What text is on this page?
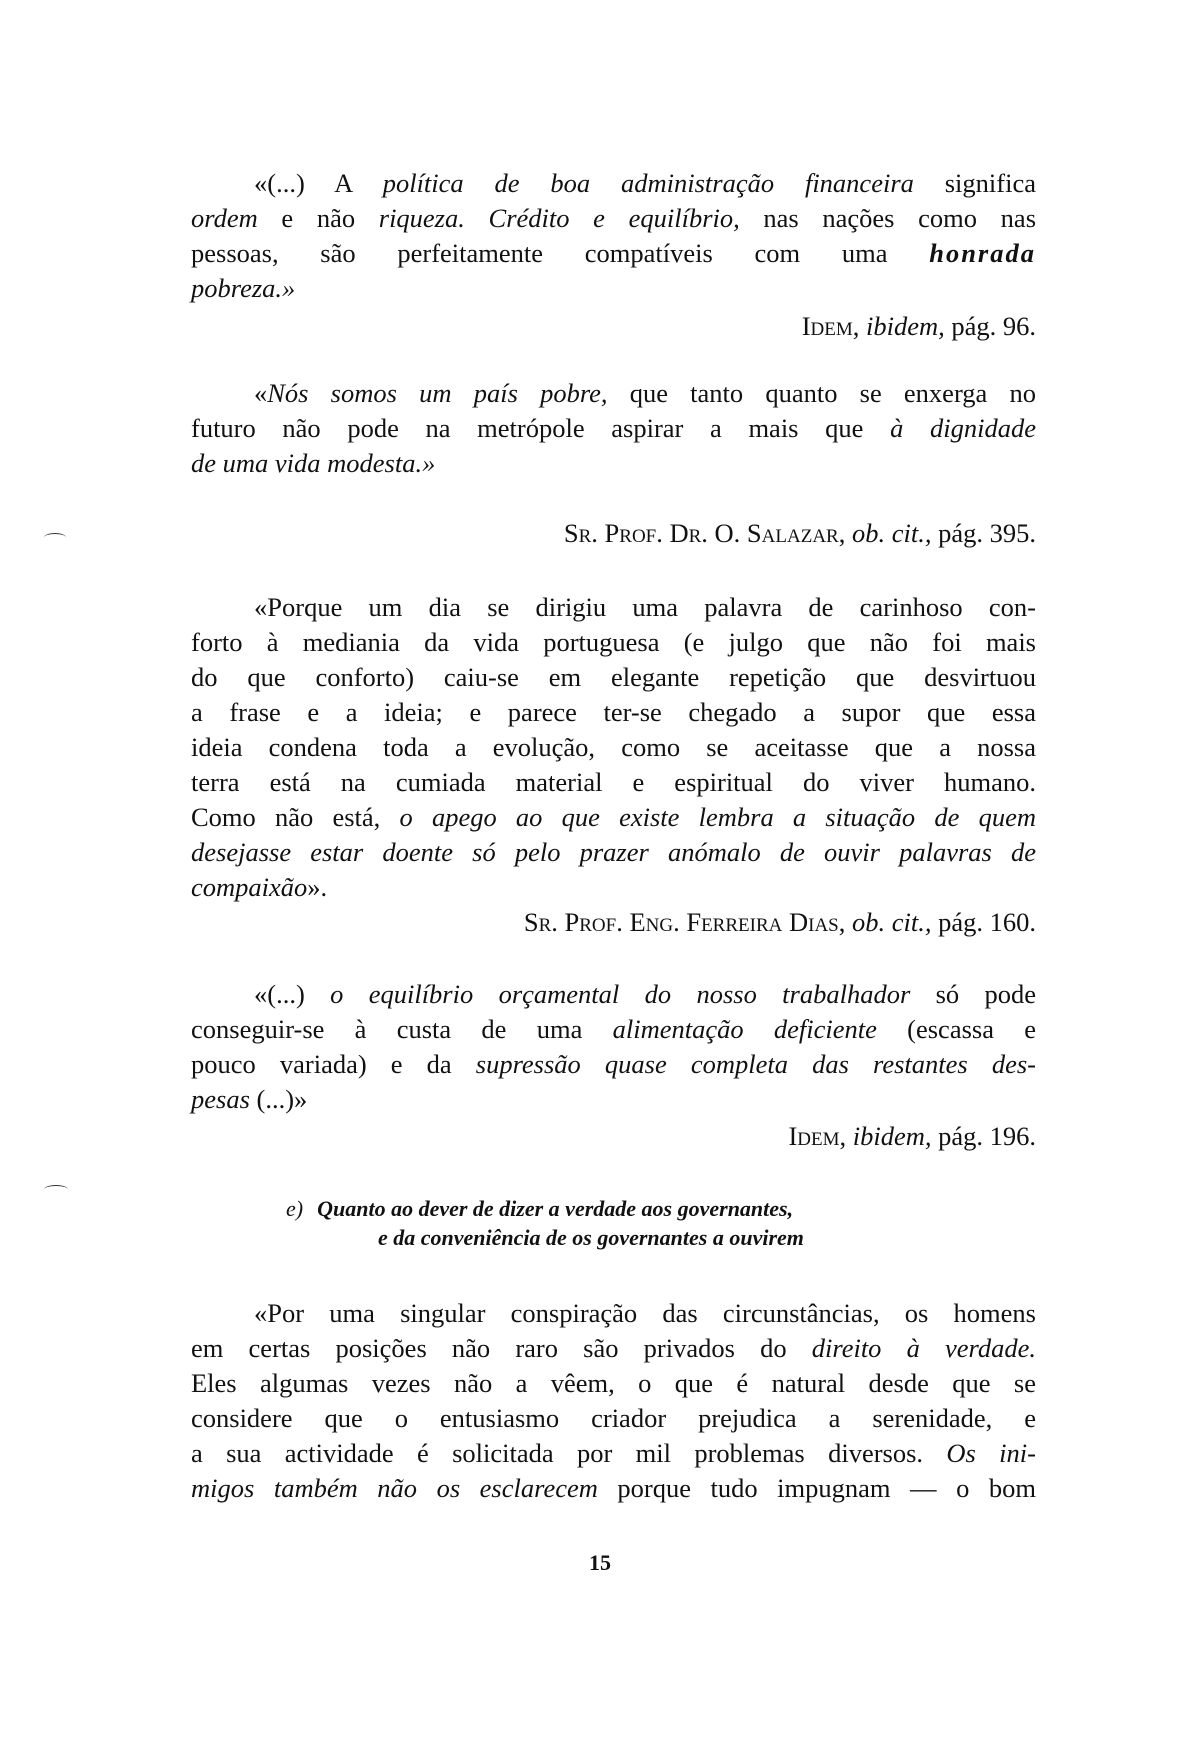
«(...) A política de boa administração financeira significa
ordem e não riqueza. Crédito e equilíbrio, nas nações como nas
pessoas, são perfeitamente compatíveis com uma honrada
pobreza.»
Idem, ibidem, pág. 96.
«Nós somos um país pobre, que tanto quanto se enxerga no
futuro não pode na metrópole aspirar a mais que à dignidade
de uma vida modesta.»
Sr. Prof. Dr. O. Salazar, ob. cit., pág. 395.
«Porque um dia se dirigiu uma palavra de carinhoso con-
forto à mediania da vida portuguesa (e julgo que não foi mais
do que conforto) caiu-se em elegante repetição que desvirtuou
a frase e a ideia; e parece ter-se chegado a supor que essa
ideia condena toda a evolução, como se aceitasse que a nossa
terra está na cumiada material e espiritual do viver humano.
Como não está, o apego ao que existe lembra a situação de quem
desejasse estar doente só pelo prazer anómalo de ouvir palavras de
compaixão».
Sr. Prof. Eng. Ferreira Dias, ob. cit., pág. 160.
«(...) o equilíbrio orçamental do nosso trabalhador só pode
conseguir-se à custa de uma alimentação deficiente (escassa e
pouco variada) e da supressão quase completa das restantes des-
pesas (...)»
Idem, ibidem, pág. 196.
e) Quanto ao dever de dizer a verdade aos governantes,
e da conveniência de os governantes a ouvirem
«Por uma singular conspiração das circunstâncias, os homens
em certas posições não raro são privados do direito à verdade.
Eles algumas vezes não a vêem, o que é natural desde que se
considere que o entusiasmo criador prejudica a serenidade, e
a sua actividade é solicitada por mil problemas diversos. Os ini-
migos também não os esclarecem porque tudo impugnam — o bom
15
